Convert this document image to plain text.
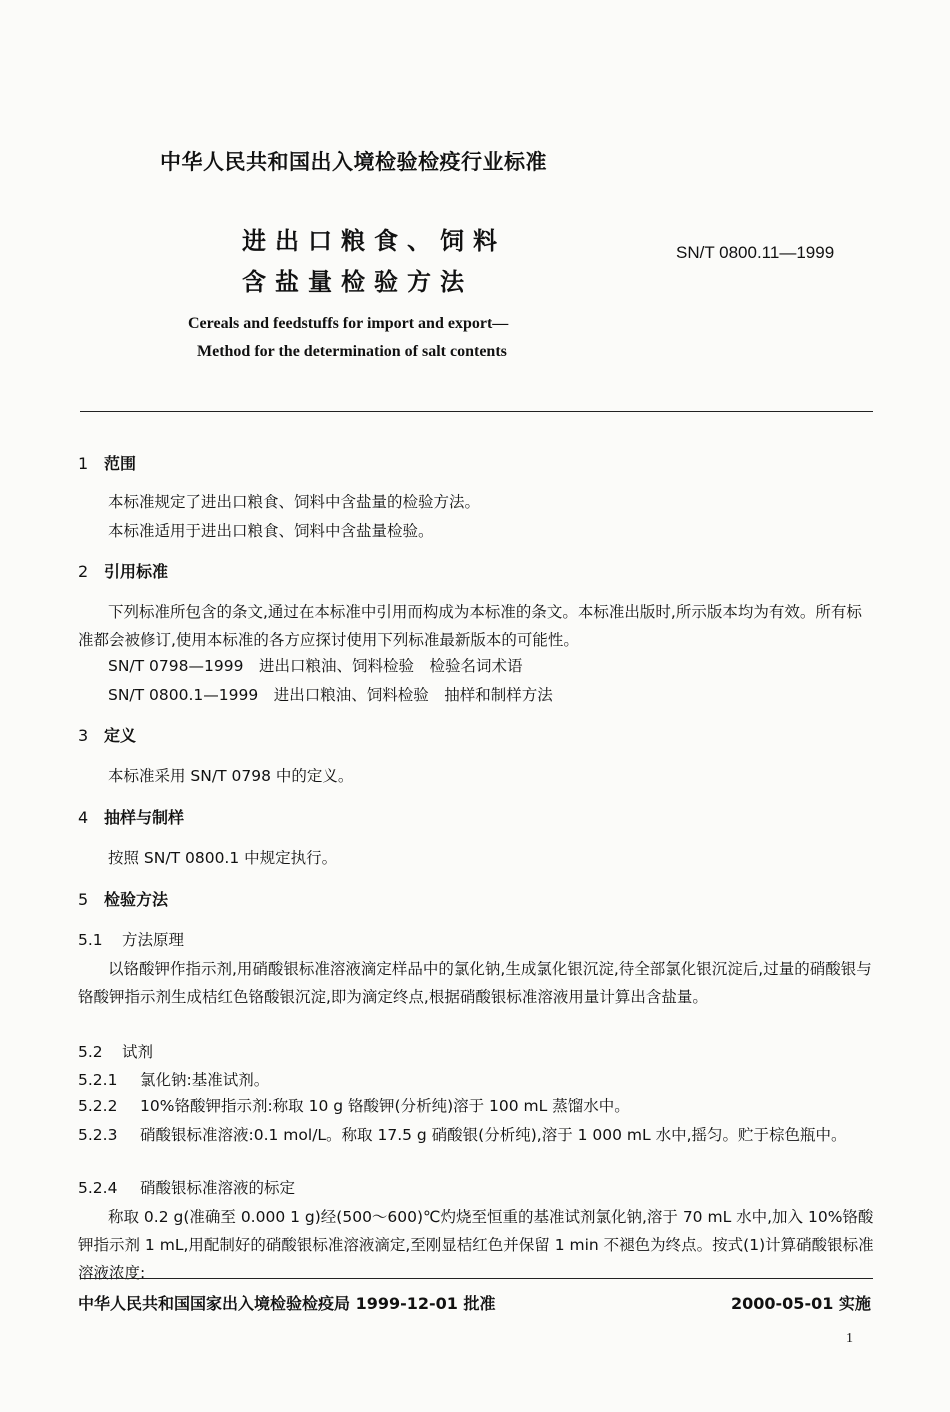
中华人民共和国出入境检验检疫行业标准
进出口粮食、饲料
含盐量检验方法
SN/T 0800.11—1999
Cereals and feedstuffs for import and export—
Method for the determination of salt contents
1 范围
本标准规定了进出口粮食、饲料中含盐量的检验方法。
本标准适用于进出口粮食、饲料中含盐量检验。
2 引用标准
下列标准所包含的条文,通过在本标准中引用而构成为本标准的条文。本标准出版时,所示版本均为有效。所有标准都会被修订,使用本标准的各方应探讨使用下列标准最新版本的可能性。
SN/T 0798—1999　进出口粮油、饲料检验　检验名词术语
SN/T 0800.1—1999　进出口粮油、饲料检验　抽样和制样方法
3 定义
本标准采用 SN/T 0798 中的定义。
4 抽样与制样
按照 SN/T 0800.1 中规定执行。
5 检验方法
5.1 方法原理
以铬酸钾作指示剂,用硝酸银标准溶液滴定样品中的氯化钠,生成氯化银沉淀,待全部氯化银沉淀后,过量的硝酸银与铬酸钾指示剂生成桔红色铬酸银沉淀,即为滴定终点,根据硝酸银标准溶液用量计算出含盐量。
5.2 试剂
5.2.1 氯化钠:基准试剂。
5.2.2 10%铬酸钾指示剂:称取 10 g 铬酸钾(分析纯)溶于 100 mL 蒸馏水中。
5.2.3 硝酸银标准溶液:0.1 mol/L。称取 17.5 g 硝酸银(分析纯),溶于 1 000 mL 水中,摇匀。贮于棕色瓶中。
5.2.4 硝酸银标准溶液的标定
称取 0.2 g(准确至 0.000 1 g)经(500～600)℃灼烧至恒重的基准试剂氯化钠,溶于 70 mL 水中,加入 10%铬酸钾指示剂 1 mL,用配制好的硝酸银标准溶液滴定,至刚显桔红色并保留 1 min 不褪色为终点。按式(1)计算硝酸银标准溶液浓度:
中华人民共和国国家出入境检验检疫局 1999-12-01 批准	2000-05-01 实施
1
